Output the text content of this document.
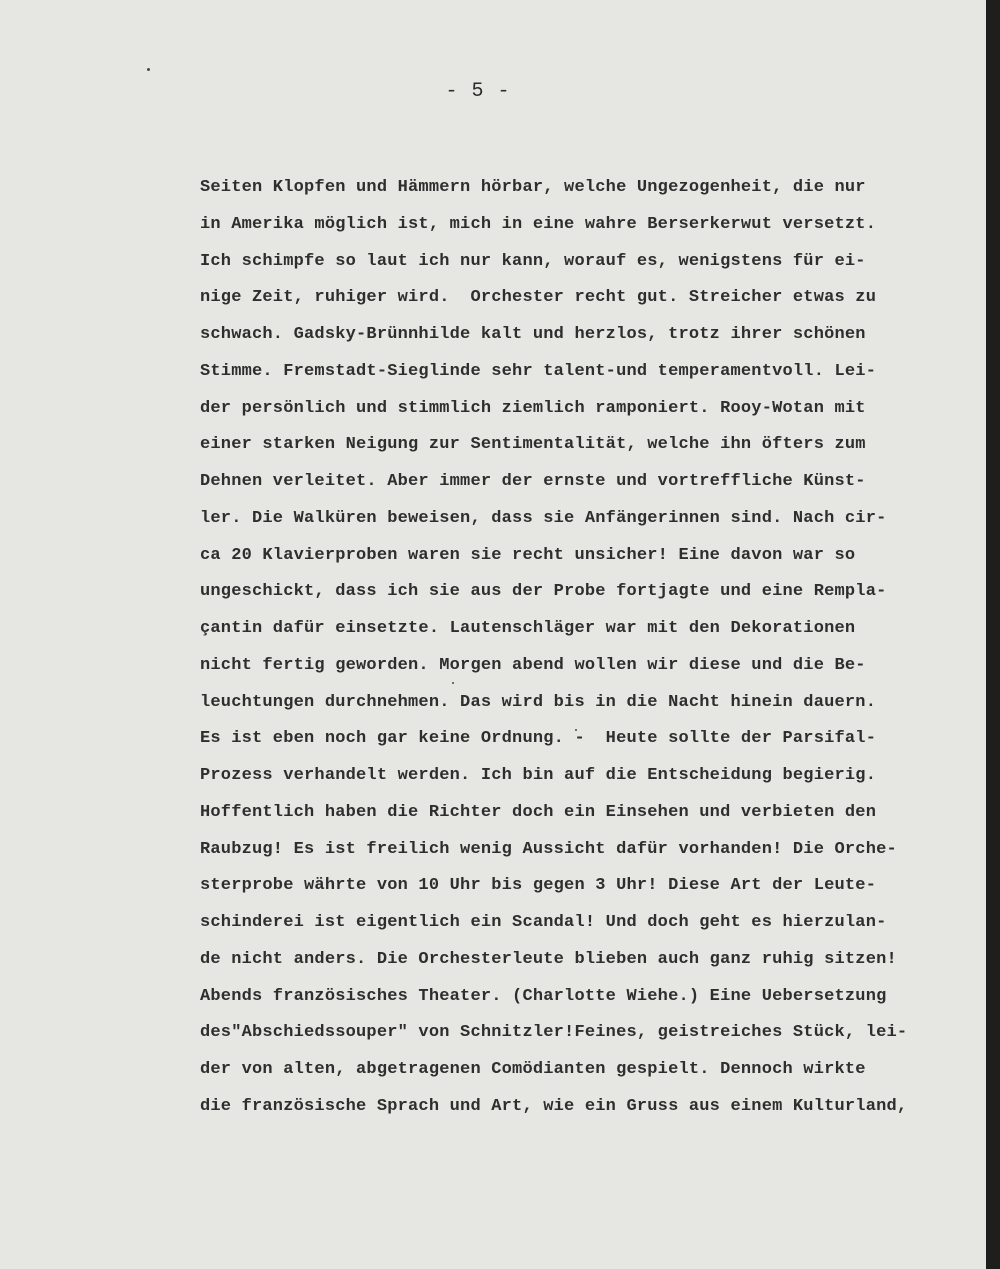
- 5 -
Seiten Klopfen und Hämmern hörbar, welche Ungezogenheit, die nur
in Amerika möglich ist, mich in eine wahre Berserkerwut versetzt.
Ich schimpfe so laut ich nur kann, worauf es, wenigstens für ei-
nige Zeit, ruhiger wird.  Orchester recht gut. Streicher etwas zu
schwach. Gadsky-Brünnhilde kalt und herzlos, trotz ihrer schönen
Stimme. Fremstadt-Sieglinde sehr talent-und temperamentvoll. Lei-
der persönlich und stimmlich ziemlich ramponiert. Rooy-Wotan mit
einer starken Neigung zur Sentimentalität, welche ihn öfters zum
Dehnen verleitet. Aber immer der ernste und vortreffliche Künst-
ler. Die Walküren beweisen, dass sie Anfängerinnen sind. Nach cir-
ca 20 Klavierproben waren sie recht unsicher! Eine davon war so
ungeschickt, dass ich sie aus der Probe fortjagte und eine Rempla-
çantin dafür einsetzte. Lautenschläger war mit den Dekorationen
nicht fertig geworden. Morgen abend wollen wir diese und die Be-
leuchtungen durchnehmen. Das wird bis in die Nacht hinein dauern.
Es ist eben noch gar keine Ordnung. -  Heute sollte der Parsifal-
Prozess verhandelt werden. Ich bin auf die Entscheidung begierig.
Hoffentlich haben die Richter doch ein Einsehen und verbieten den
Raubzug! Es ist freilich wenig Aussicht dafür vorhanden! Die Orche-
sterprobe währte von 10 Uhr bis gegen 3 Uhr! Diese Art der Leute-
schinderei ist eigentlich ein Scandal! Und doch geht es hierzulan-
de nicht anders. Die Orchesterleute blieben auch ganz ruhig sitzen!
Abends französisches Theater. (Charlotte Wiehe.) Eine Uebersetzung
des"Abschiedssouper" von Schnitzler!Feines, geistreiches Stück, lei-
der von alten, abgetragenen Comödianten gespielt. Dennoch wirkte
die französische Sprach und Art, wie ein Gruss aus einem Kulturland,
